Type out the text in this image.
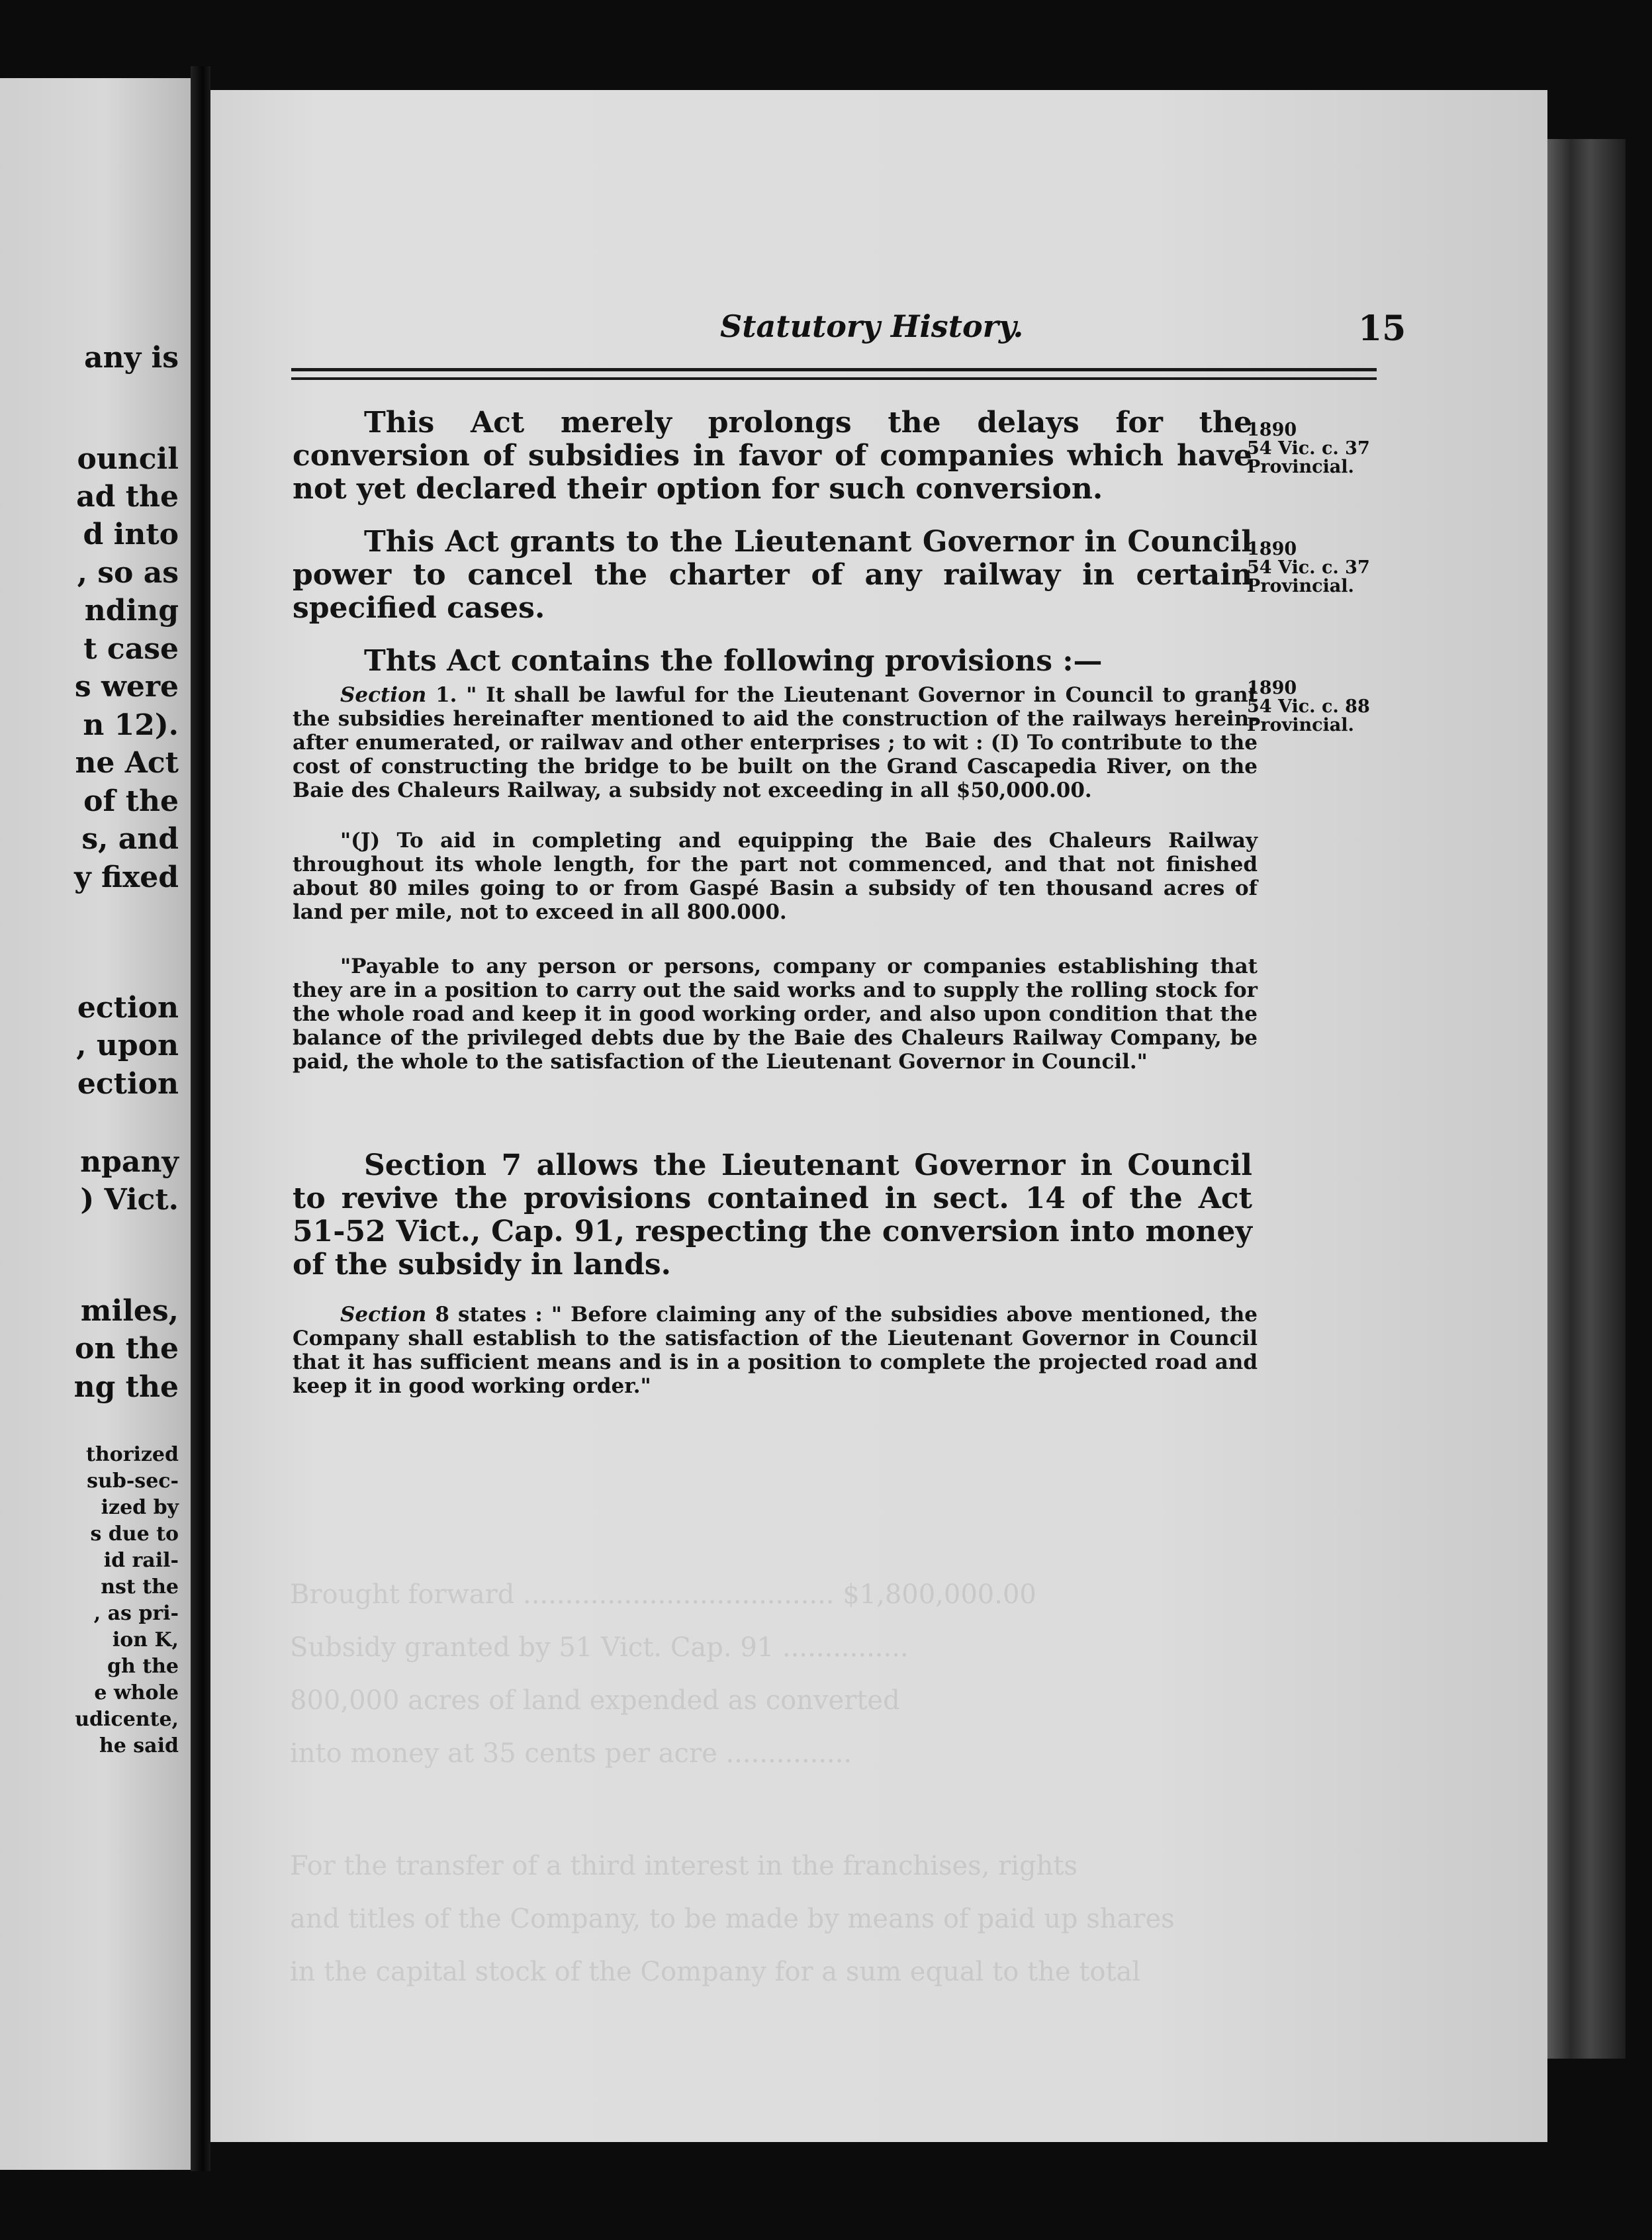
any is
ouncil
ad the
d into
, so as
nding
t case
s were
n 12).
ne Act
of the
s, and
y fixed
ection
, upon
ection
npany
) Vict.
miles,
on the
ng the
thorized
sub-sec-
ized by
s due to
id rail-
nst the
, as pri-
ion K,
gh the
e whole
udicente,
he said
Brought forward ..................................... $1,800,000.00
Subsidy granted by 51 Vict. Cap. 91 ...............
800,000 acres of land expended as converted
into money at 35 cents per acre ...............
For the transfer of a third interest in the franchises, rights
and titles of the Company, to be made by means of paid up shares
in the capital stock of the Company for a sum equal to the total
Statutory History.	15
This Act merely prolongs the delays for the conversion of subsidies in favor of companies which have not yet declared their option for such conversion.
This Act grants to the Lieutenant Governor in Council power to cancel the charter of any railway in certain specified cases.
Thts Act contains the following provisions :—
Section 1. " It shall be lawful for the Lieutenant Governor in Council to grant the subsidies hereinafter mentioned to aid the construction of the railways herein-after enumerated, or railwav and other enterprises ; to wit : (I) To contribute to the cost of constructing the bridge to be built on the Grand Cascapedia River, on the Baie des Chaleurs Railway, a subsidy not exceeding in all $50,000.00.
"(J) To aid in completing and equipping the Baie des Chaleurs Railway throughout its whole length, for the part not commenced, and that not finished about 80 miles going to or from Gaspé Basin a subsidy of ten thousand acres of land per mile, not to exceed in all 800.000.
"Payable to any person or persons, company or companies establishing that they are in a position to carry out the said works and to supply the rolling stock for the whole road and keep it in good working order, and also upon condition that the balance of the privileged debts due by the Baie des Chaleurs Railway Company, be paid, the whole to the satisfaction of the Lieutenant Governor in Council."
Section 7 allows the Lieutenant Governor in Council to revive the provisions contained in sect. 14 of the Act 51-52 Vict., Cap. 91, respecting the conversion into money of the subsidy in lands.
Section 8 states : " Before claiming any of the subsidies above mentioned, the Company shall establish to the satisfaction of the Lieutenant Governor in Council that it has sufficient means and is in a position to complete the projected road and keep it in good working order."
1890
54 Vic. c. 37
Provincial.
1890
54 Vic. c. 37
Provincial.
1890
54 Vic. c. 88
Provincial.
